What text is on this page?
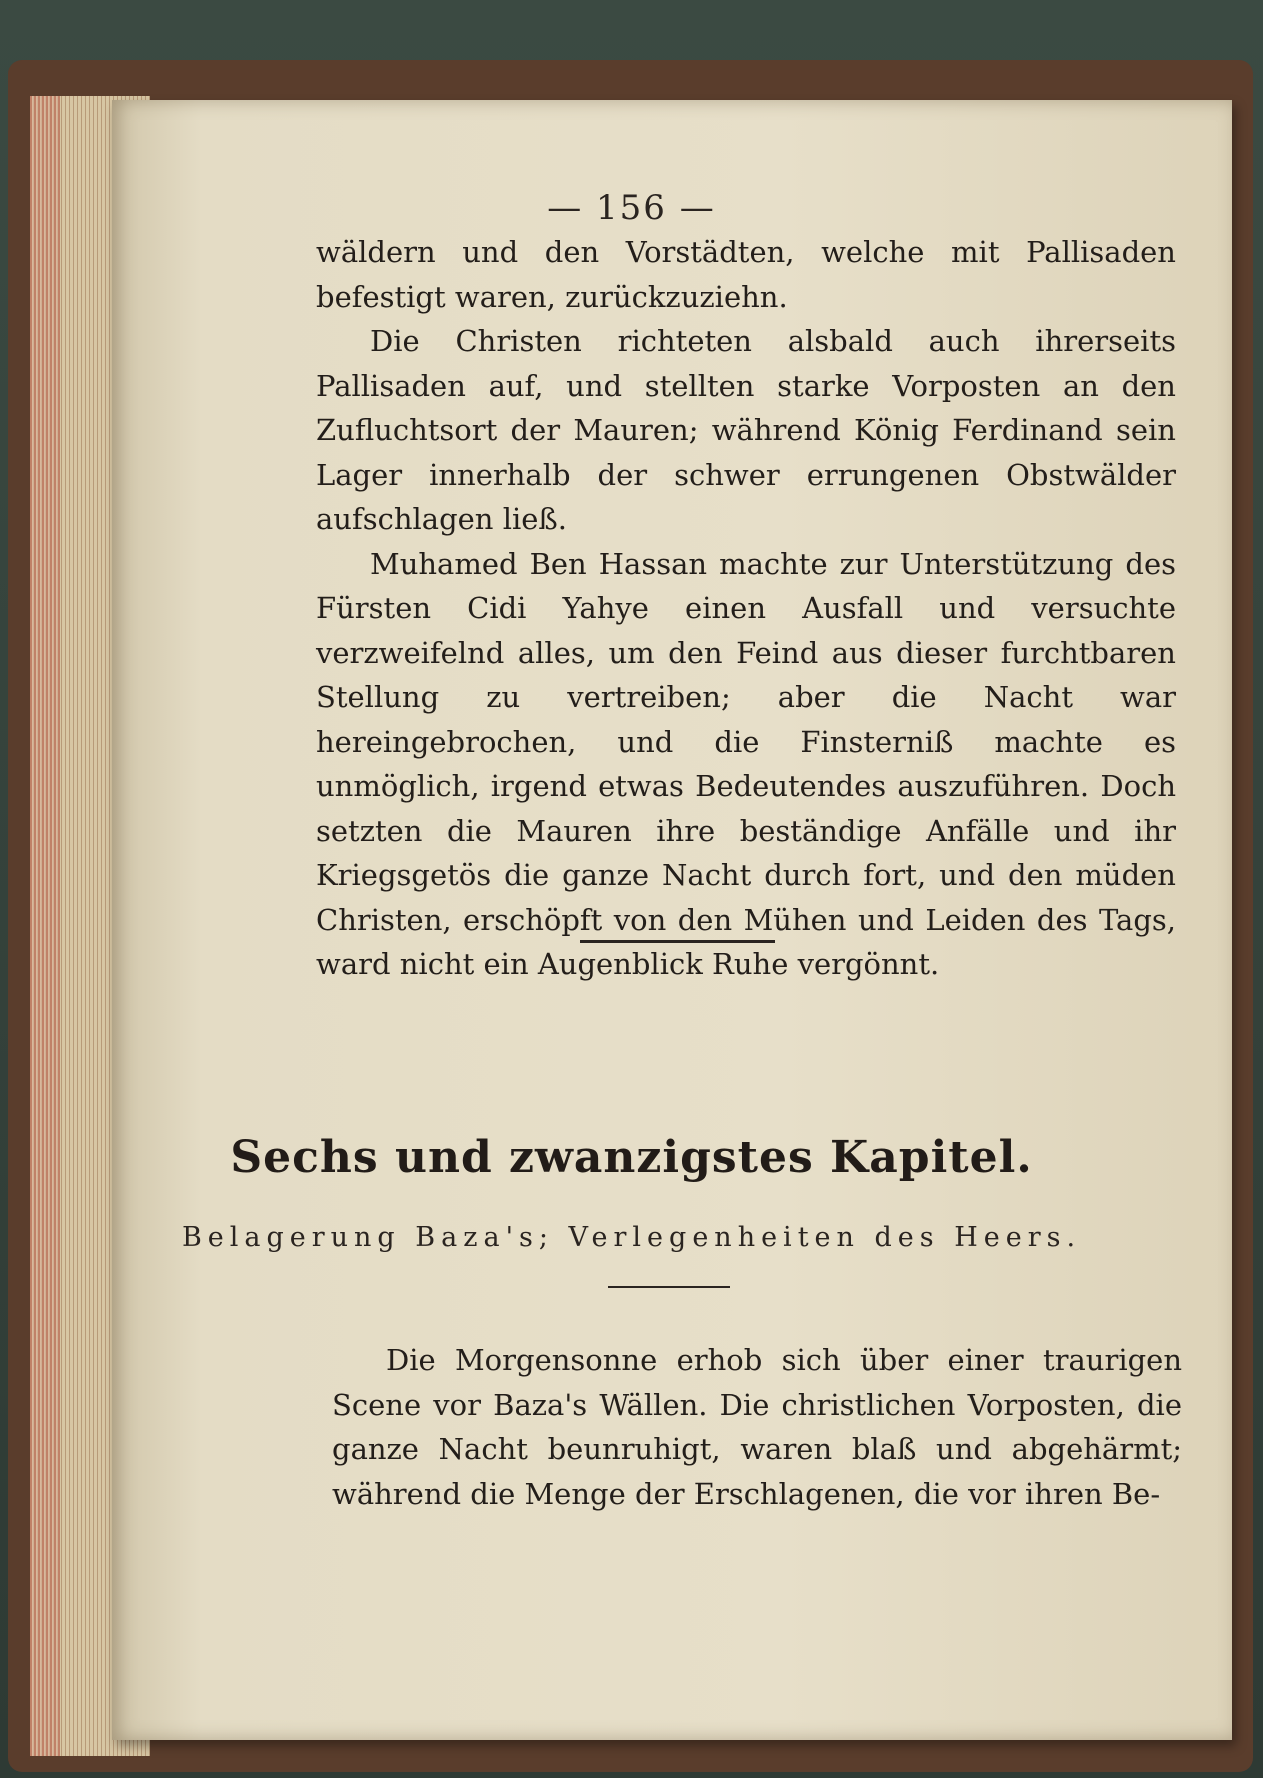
— 156 —

wäldern und den Vorstädten, welche mit Pallisaden befestigt waren, zurückzuziehn.

Die Christen richteten alsbald auch ihrerseits Pallisaden auf, und stellten starke Vorposten an den Zufluchtsort der Mauren; während König Ferdinand sein Lager innerhalb der schwer errungenen Obstwälder aufschlagen ließ.

Muhamed Ben Hassan machte zur Unterstützung des Fürsten Cidi Yahye einen Ausfall und versuchte verzweifelnd alles, um den Feind aus dieser furchtbaren Stellung zu vertreiben; aber die Nacht war hereingebrochen, und die Finsterniß machte es unmöglich, irgend etwas Bedeutendes auszuführen. Doch setzten die Mauren ihre beständige Anfälle und ihr Kriegsgetös die ganze Nacht durch fort, und den müden Christen, erschöpft von den Mühen und Leiden des Tags, ward nicht ein Augenblick Ruhe vergönnt.

Sechs und zwanzigstes Kapitel.
Belagerung Baza's; Verlegenheiten des Heers.

Die Morgensonne erhob sich über einer traurigen Scene vor Baza's Wällen. Die christlichen Vorposten, die ganze Nacht beunruhigt, waren blaß und abgehärmt; während die Menge der Erschlagenen, die vor ihren Be-
